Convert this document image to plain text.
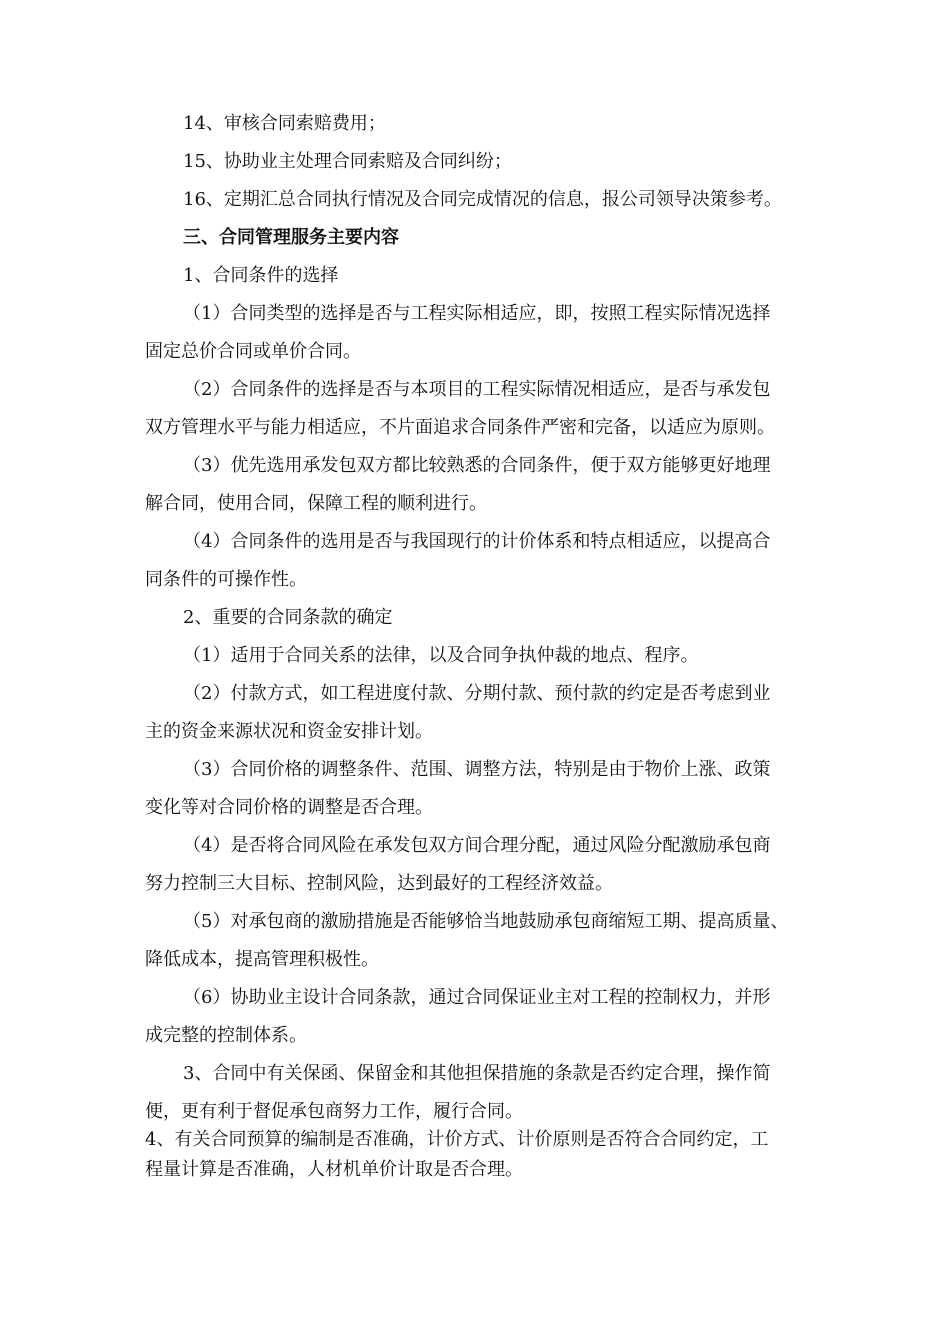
14、审核合同索赔费用；
15、协助业主处理合同索赔及合同纠纷；
16、定期汇总合同执行情况及合同完成情况的信息，报公司领导决策参考。
三、合同管理服务主要内容
1、合同条件的选择
（1）合同类型的选择是否与工程实际相适应，即，按照工程实际情况选择
固定总价合同或单价合同。
（2）合同条件的选择是否与本项目的工程实际情况相适应，是否与承发包
双方管理水平与能力相适应，不片面追求合同条件严密和完备，以适应为原则。
（3）优先选用承发包双方都比较熟悉的合同条件，便于双方能够更好地理
解合同，使用合同，保障工程的顺利进行。
（4）合同条件的选用是否与我国现行的计价体系和特点相适应，以提高合
同条件的可操作性。
2、重要的合同条款的确定
（1）适用于合同关系的法律，以及合同争执仲裁的地点、程序。
（2）付款方式，如工程进度付款、分期付款、预付款的约定是否考虑到业
主的资金来源状况和资金安排计划。
（3）合同价格的调整条件、范围、调整方法，特别是由于物价上涨、政策
变化等对合同价格的调整是否合理。
（4）是否将合同风险在承发包双方间合理分配，通过风险分配激励承包商
努力控制三大目标、控制风险，达到最好的工程经济效益。
（5）对承包商的激励措施是否能够恰当地鼓励承包商缩短工期、提高质量、
降低成本，提高管理积极性。
（6）协助业主设计合同条款，通过合同保证业主对工程的控制权力，并形
成完整的控制体系。
3、合同中有关保函、保留金和其他担保措施的条款是否约定合理，操作简
便，更有利于督促承包商努力工作，履行合同。
4、有关合同预算的编制是否准确，计价方式、计价原则是否符合合同约定，工
程量计算是否准确，人材机单价计取是否合理。
